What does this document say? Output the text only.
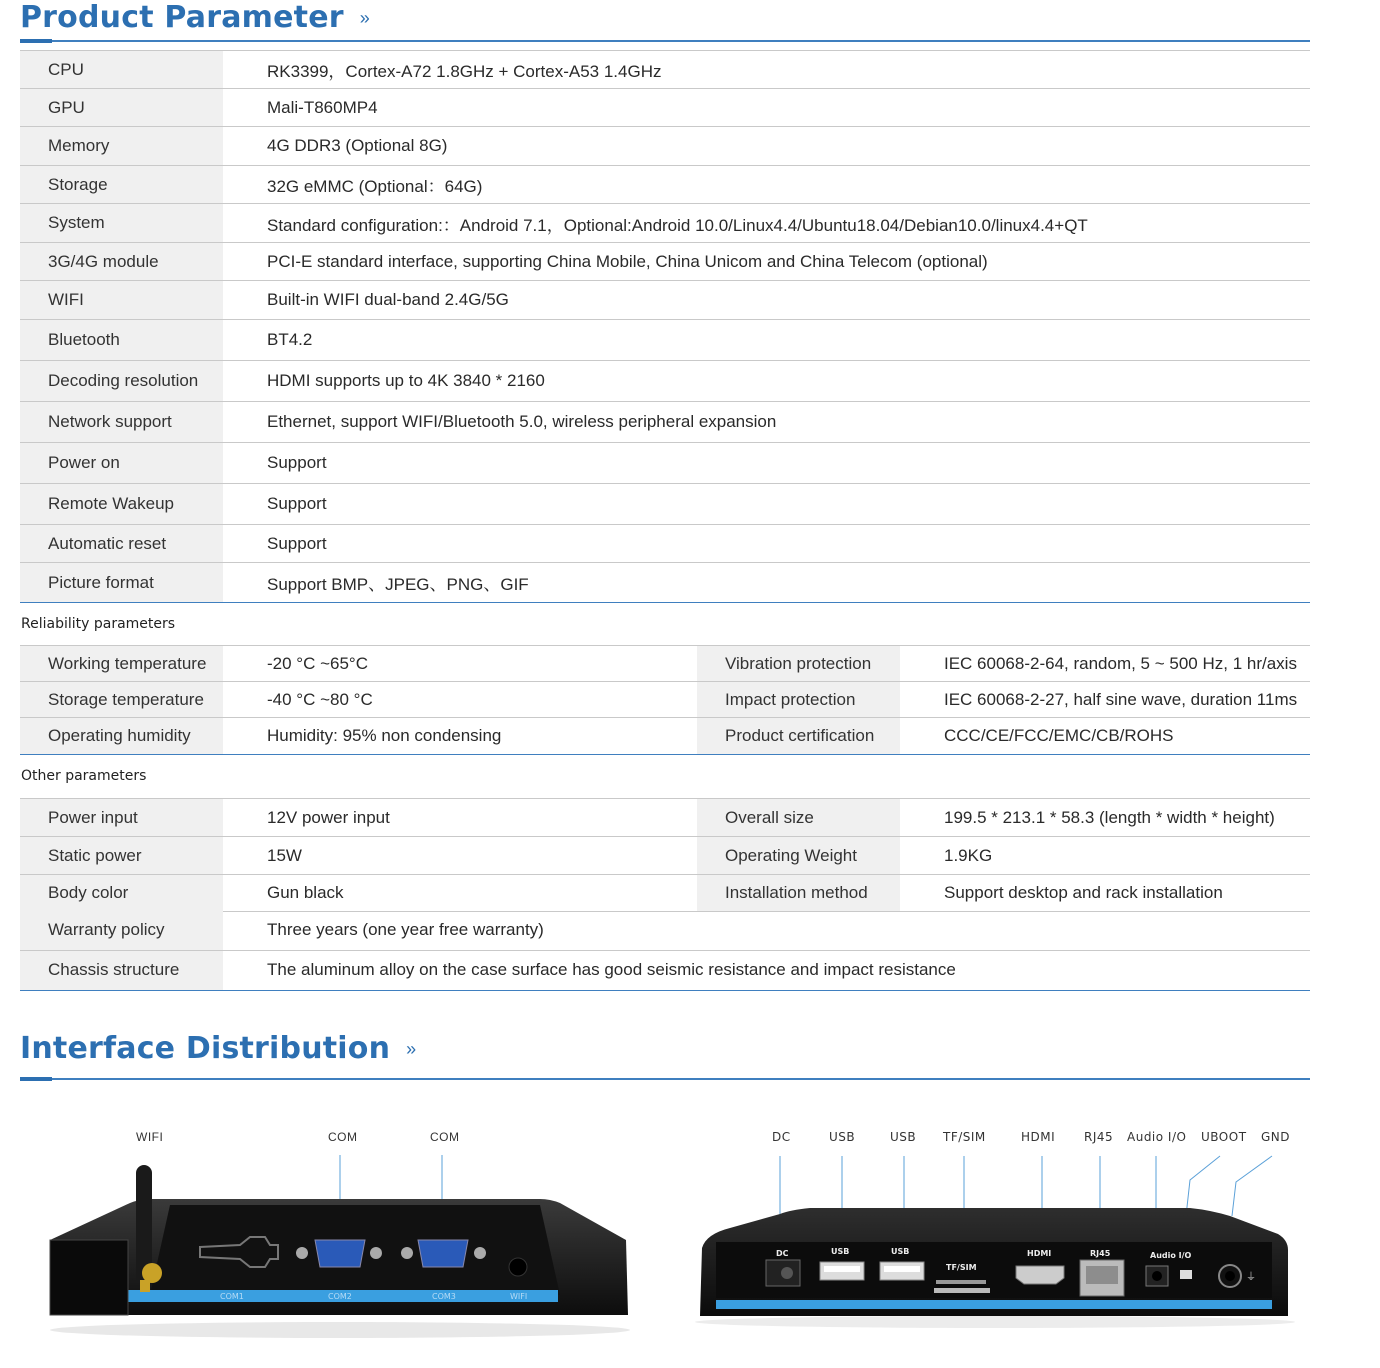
Product Parameter »
CPU	RK3399，Cortex-A72 1.8GHz + Cortex-A53 1.4GHz
GPU	Mali-T860MP4
Memory	4G DDR3 (Optional 8G)
Storage	32G eMMC (Optional：64G)
System	Standard configuration:：Android 7.1，Optional:Android 10.0/Linux4.4/Ubuntu18.04/Debian10.0/linux4.4+QT
3G/4G module	PCI-E standard interface, supporting China Mobile, China Unicom and China Telecom (optional)
WIFI	Built-in WIFI dual-band 2.4G/5G
Bluetooth	BT4.2
Decoding resolution	HDMI supports up to 4K 3840 * 2160
Network support	Ethernet, support WIFI/Bluetooth 5.0, wireless peripheral expansion
Power on	Support
Remote Wakeup	Support
Automatic reset	Support
Picture format	Support BMP、JPEG、PNG、GIF
Reliability parameters
Working temperature	-20 °C ~65°C	Vibration protection	IEC 60068-2-64, random, 5 ~ 500 Hz, 1 hr/axis
Storage temperature	-40 °C ~80 °C	Impact protection	IEC 60068-2-27, half sine wave, duration 11ms
Operating humidity	Humidity: 95% non condensing	Product certification	CCC/CE/FCC/EMC/CB/ROHS
Other parameters
Power input	12V power input	Overall size	199.5 * 213.1 * 58.3 (length * width * height)
Static power	15W	Operating Weight	1.9KG
Body color	Gun black	Installation method	Support desktop and rack installation
Warranty policy	Three years (one year free warranty)
Chassis structure	The aluminum alloy on the case surface has good seismic resistance and impact resistance
Interface Distribution »
WIFI	COM	COM
COM1	COM2	COM3	WIFI
DC	USB	USB TF/SIM	HDMI RJ45 Audio I/O UBOOT GND
DC	USB	USB
TF/SIM
HDMI	RJ45	Audio I/O
⏚
